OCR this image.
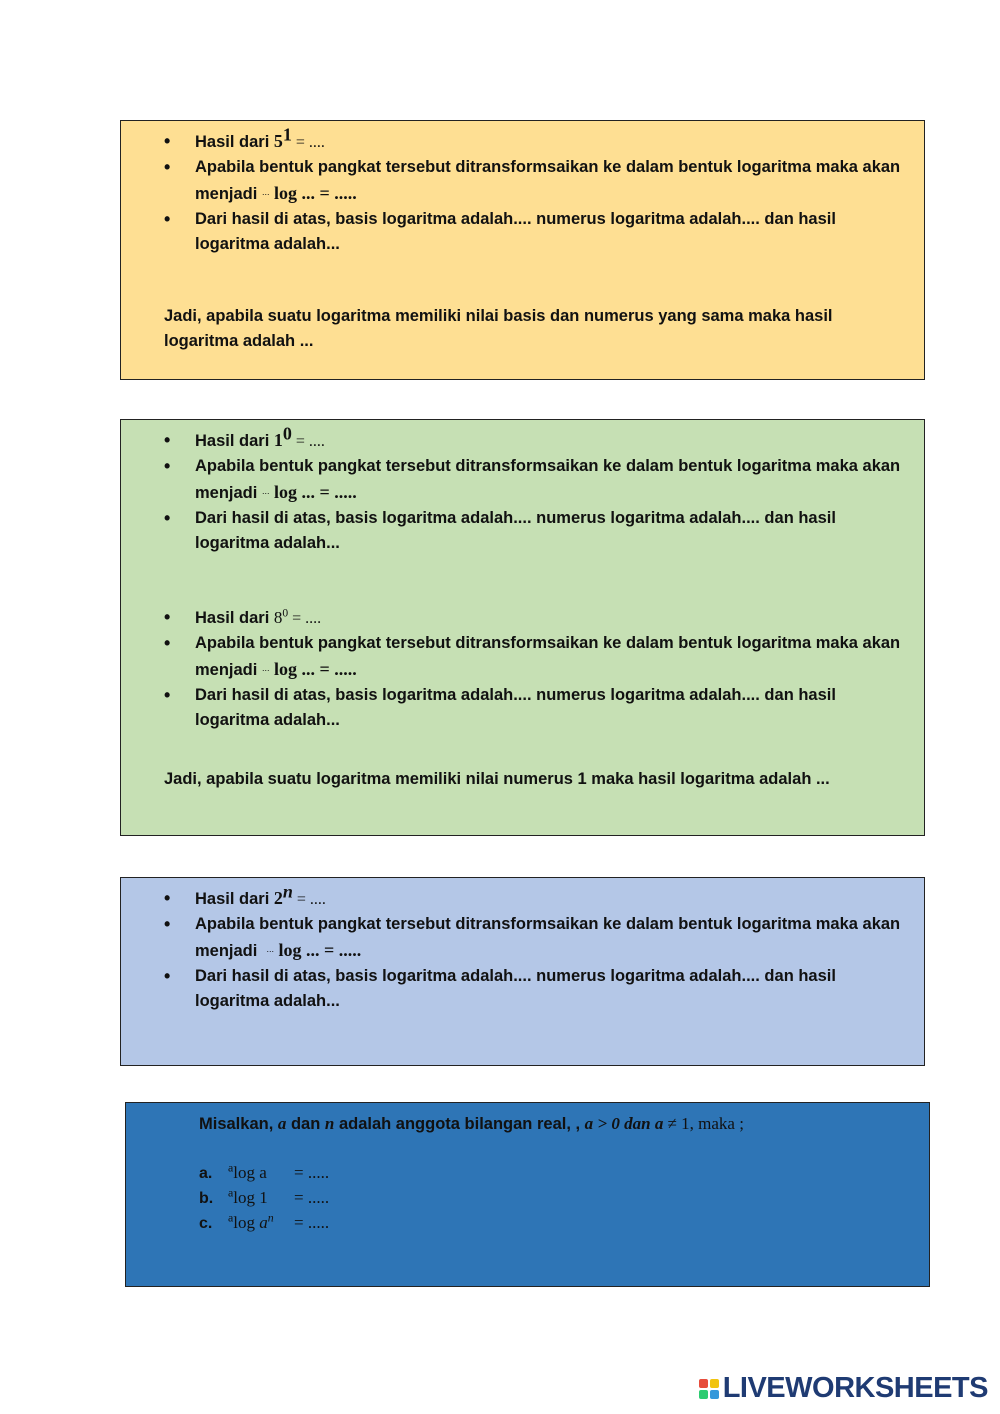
• Hasil dari $5^1$ = ....
• Apabila bentuk pangkat tersebut ditransformsaikan ke dalam bentuk logaritma maka akan
menjadi ... log ... = .....
• Dari hasil di atas, basis logaritma adalah.... numerus logaritma adalah.... dan hasil logaritma adalah...

Jadi, apabila suatu logaritma memiliki nilai basis dan numerus yang sama maka hasil logaritma adalah ...

• Hasil dari $1^0$ = ....
• Apabila bentuk pangkat tersebut ditransformsaikan ke dalam bentuk logaritma maka akan
menjadi ... log ... = .....
• Dari hasil di atas, basis logaritma adalah.... numerus logaritma adalah.... dan hasil logaritma adalah...
• Hasil dari $8^0$ = ....
• Apabila bentuk pangkat tersebut ditransformsaikan ke dalam bentuk logaritma maka akan
menjadi ... log ... = .....
• Dari hasil di atas, basis logaritma adalah.... numerus logaritma adalah.... dan hasil logaritma adalah...

Jadi, apabila suatu logaritma memiliki nilai numerus 1 maka hasil logaritma adalah ...

• Hasil dari $2^n$ = ....
• Apabila bentuk pangkat tersebut ditransformsaikan ke dalam bentuk logaritma maka akan
menjadi  ... log ... = .....
• Dari hasil di atas, basis logaritma adalah.... numerus logaritma adalah.... dan hasil logaritma adalah...
Misalkan, a dan n adalah anggota bilangan real, , a > 0 dan a ≠ 1, maka ;
a. $^a$log a = .....
b. $^a$log 1 = .....
c. $^a$log $a^n$ = .....
LIVEWORKSHEETS
